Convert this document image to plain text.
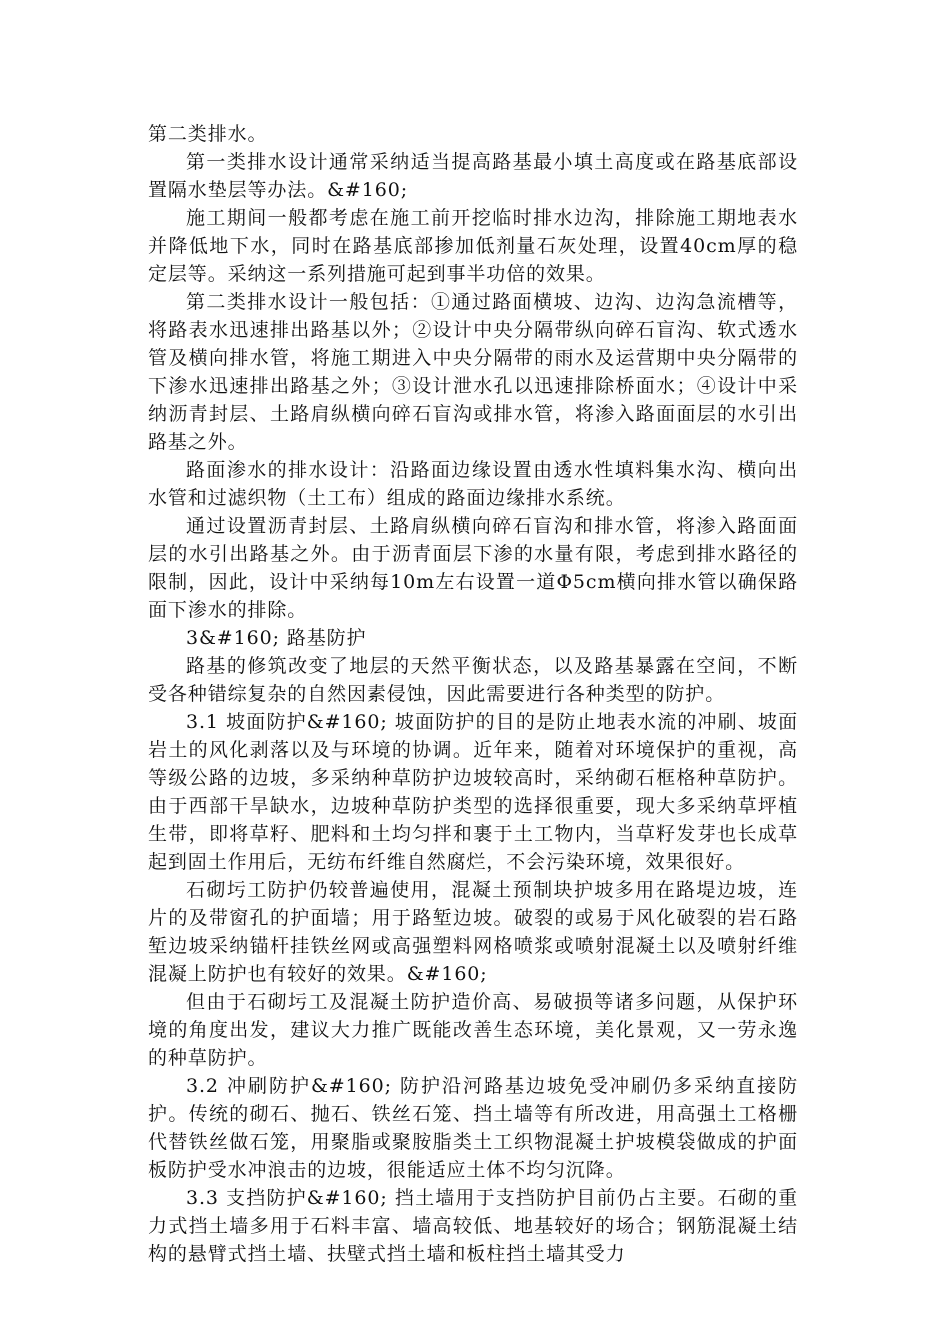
第二类排水。

第一类排水设计通常采纳适当提高路基最小填土高度或在路基底部设置隔水垫层等办法。&#160;

施工期间一般都考虑在施工前开挖临时排水边沟，排除施工期地表水并降低地下水，同时在路基底部掺加低剂量石灰处理，设置40cm厚的稳定层等。采纳这一系列措施可起到事半功倍的效果。

第二类排水设计一般包括：①通过路面横坡、边沟、边沟急流槽等，将路表水迅速排出路基以外；②设计中央分隔带纵向碎石盲沟、软式透水管及横向排水管，将施工期进入中央分隔带的雨水及运营期中央分隔带的下渗水迅速排出路基之外；③设计泄水孔以迅速排除桥面水；④设计中采纳沥青封层、土路肩纵横向碎石盲沟或排水管，将渗入路面面层的水引出路基之外。

路面渗水的排水设计：沿路面边缘设置由透水性填料集水沟、横向出水管和过滤织物（土工布）组成的路面边缘排水系统。

通过设置沥青封层、土路肩纵横向碎石盲沟和排水管，将渗入路面面层的水引出路基之外。由于沥青面层下渗的水量有限，考虑到排水路径的限制，因此，设计中采纳每10m左右设置一道Φ5cm横向排水管以确保路面下渗水的排除。

3&#160; 路基防护

路基的修筑改变了地层的天然平衡状态，以及路基暴露在空间，不断受各种错综复杂的自然因素侵蚀，因此需要进行各种类型的防护。

3.1 坡面防护&#160; 坡面防护的目的是防止地表水流的冲刷、坡面岩土的风化剥落以及与环境的协调。近年来，随着对环境保护的重视，高等级公路的边坡，多采纳种草防护边坡较高时，采纳砌石框格种草防护。由于西部干旱缺水，边坡种草防护类型的选择很重要，现大多采纳草坪植生带，即将草籽、肥料和土均匀拌和裹于土工物内，当草籽发芽也长成草起到固土作用后，无纺布纤维自然腐烂，不会污染环境，效果很好。

石砌圬工防护仍较普遍使用，混凝土预制块护坡多用在路堤边坡，连片的及带窗孔的护面墙；用于路堑边坡。破裂的或易于风化破裂的岩石路堑边坡采纳锚杆挂铁丝网或高强塑料网格喷浆或喷射混凝土以及喷射纤维混凝上防护也有较好的效果。&#160;

但由于石砌圬工及混凝土防护造价高、易破损等诸多问题，从保护环境的角度出发，建议大力推广既能改善生态环境，美化景观，又一劳永逸的种草防护。

3.2 冲刷防护&#160; 防护沿河路基边坡免受冲刷仍多采纳直接防护。传统的砌石、抛石、铁丝石笼、挡土墙等有所改进，用高强土工格栅代替铁丝做石笼，用聚脂或聚胺脂类土工织物混凝土护坡模袋做成的护面板防护受水冲浪击的边坡，很能适应土体不均匀沉降。

3.3 支挡防护&#160; 挡土墙用于支挡防护目前仍占主要。石砌的重力式挡土墙多用于石料丰富、墙高较低、地基较好的场合；钢筋混凝土结构的悬臂式挡土墙、扶壁式挡土墙和板柱挡土墙其受力
